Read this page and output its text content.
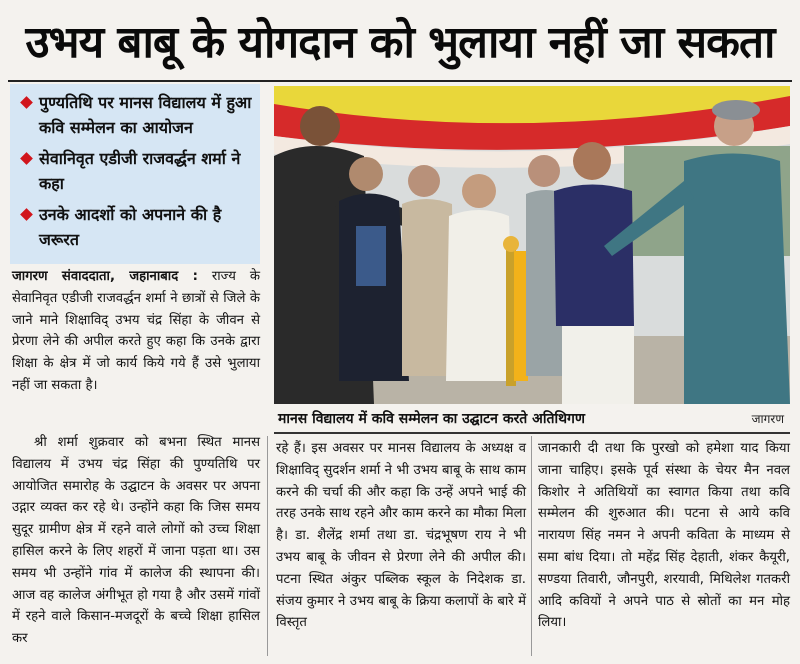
उभय बाबू के योगदान को भुलाया नहीं जा सकता
पुण्यतिथि पर मानस विद्यालय में हुआ कवि सम्मेलन का आयोजन
सेवानिवृत एडीजी राजवर्द्धन शर्मा ने कहा
उनके आदर्शो को अपनाने की है जरूरत

जागरण संवाददाता, जहानाबाद : राज्य के सेवानिवृत एडीजी राजवर्द्धन शर्मा ने छात्रों से जिले के जाने माने शिक्षाविद् उभय चंद्र सिंहा के जीवन से प्रेरणा लेने की अपील करते हुए कहा कि उनके द्वारा शिक्षा के क्षेत्र में जो कार्य किये गये हैं उसे भुलाया नहीं जा सकता है।

मानस विद्यालय में कवि सम्मेलन का उद्घाटन करते अतिथिगण	जागरण

श्री शर्मा शुक्रवार को बभना स्थित मानस विद्यालय में उभय चंद्र सिंहा की पुण्यतिथि पर आयोजित समारोह के उद्घाटन के अवसर पर अपना उद्गार व्यक्त कर रहे थे। उन्होंने कहा कि जिस समय सुदूर ग्रामीण क्षेत्र में रहने वाले लोगों को उच्च शिक्षा हासिल करने के लिए शहरों में जाना पड़ता था। उस समय भी उन्होंने गांव में कालेज की स्थापना की। आज वह कालेज अंगीभूत हो गया है और उसमें गांवों में रहने वाले किसान-मजदूरों के बच्चे शिक्षा हासिल कर

रहे हैं। इस अवसर पर मानस विद्यालय के अध्यक्ष व शिक्षाविद् सुदर्शन शर्मा ने भी उभय बाबू के साथ काम करने की चर्चा की और कहा कि उन्हें अपने भाई की तरह उनके साथ रहने और काम करने का मौका मिला है। डा. शैलेंद्र शर्मा तथा डा. चंद्रभूषण राय ने भी उभय बाबू के जीवन से प्रेरणा लेने की अपील की। पटना स्थित अंकुर पब्लिक स्कूल के निदेशक डा. संजय कुमार ने उभय बाबू के क्रिया कलापों के बारे में विस्तृत

जानकारी दी तथा कि पुरखो को हमेशा याद किया जाना चाहिए। इसके पूर्व संस्था के चेयर मैन नवल किशोर ने अतिथियों का स्वागत किया तथा कवि सम्मेलन की शुरुआत की। पटना से आये कवि नारायण सिंह नमन ने अपनी कविता के माध्यम से समा बांध दिया। तो महेंद्र सिंह देहाती, शंकर कैयूरी, सण्डया तिवारी, जौनपुरी, शरयावी, मिथिलेश गतकरी आदि कवियों ने अपने पाठ से स्रोतों का मन मोह लिया।
